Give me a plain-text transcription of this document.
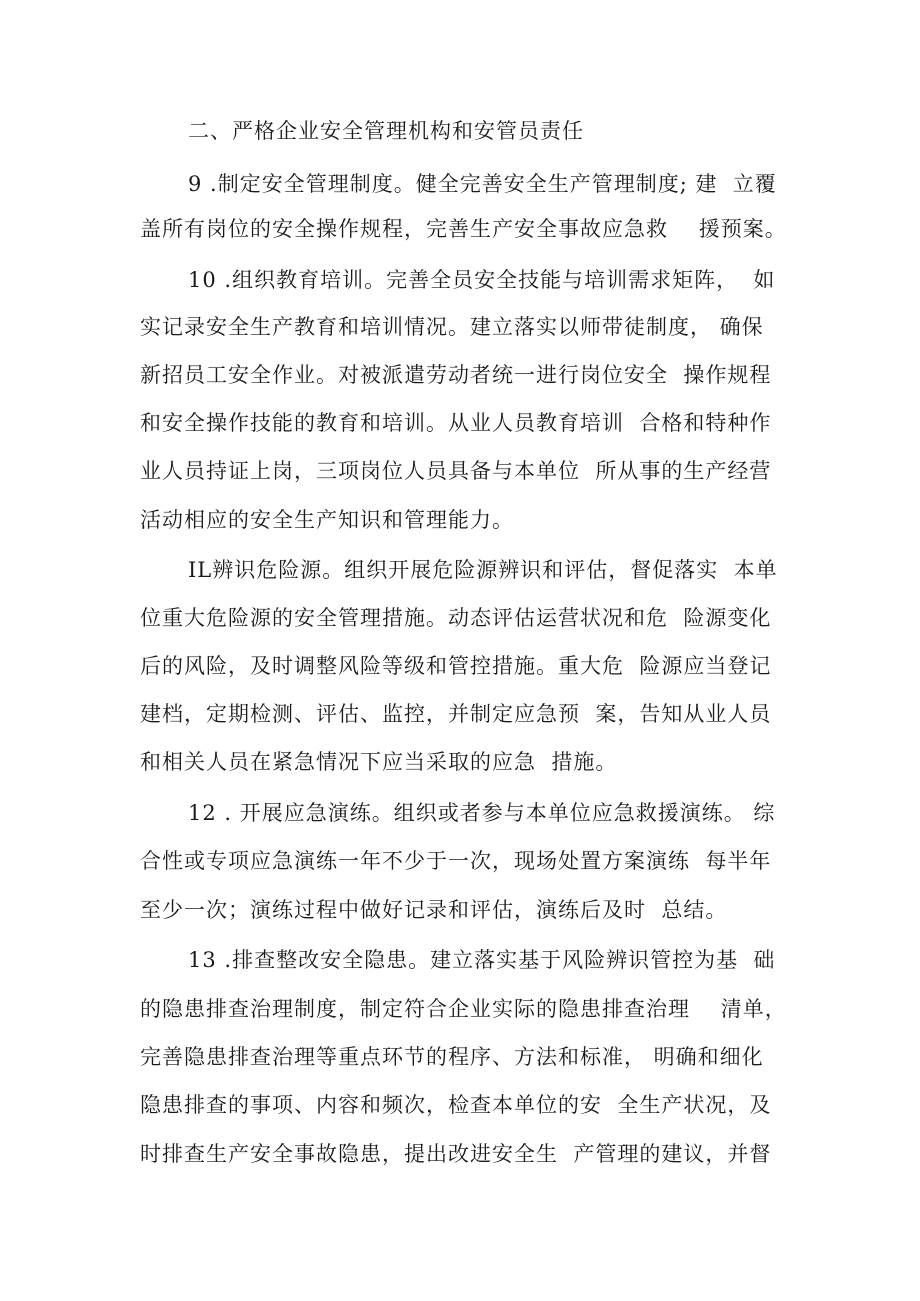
二、严格企业安全管理机构和安管员责任
9 .制定安全管理制度。健全完善安全生产管理制度; 建  立覆
盖所有岗位的安全操作规程，完善生产安全事故应急救    援预案。
10 .组织教育培训。完善全员安全技能与培训需求矩阵，  如
实记录安全生产教育和培训情况。建立落实以师带徒制度， 确保
新招员工安全作业。对被派遣劳动者统一进行岗位安全  操作规程
和安全操作技能的教育和培训。从业人员教育培训  合格和特种作
业人员持证上岗，三项岗位人员具备与本单位  所从事的生产经营
活动相应的安全生产知识和管理能力。
IL辨识危险源。组织开展危险源辨识和评估，督促落实  本单
位重大危险源的安全管理措施。动态评估运营状况和危  险源变化
后的风险，及时调整风险等级和管控措施。重大危  险源应当登记
建档，定期检测、评估、监控，并制定应急预  案，告知从业人员
和相关人员在紧急情况下应当采取的应急  措施。
12 . 开展应急演练。组织或者参与本单位应急救援演练。 综
合性或专项应急演练一年不少于一次，现场处置方案演练  每半年
至少一次；演练过程中做好记录和评估，演练后及时  总结。
13 .排查整改安全隐患。建立落实基于风险辨识管控为基  础
的隐患排查治理制度，制定符合企业实际的隐患排查治理    清单，
完善隐患排查治理等重点环节的程序、方法和标准， 明确和细化
隐患排查的事项、内容和频次，检查本单位的安  全生产状况，及
时排查生产安全事故隐患，提出改进安全生  产管理的建议，并督
